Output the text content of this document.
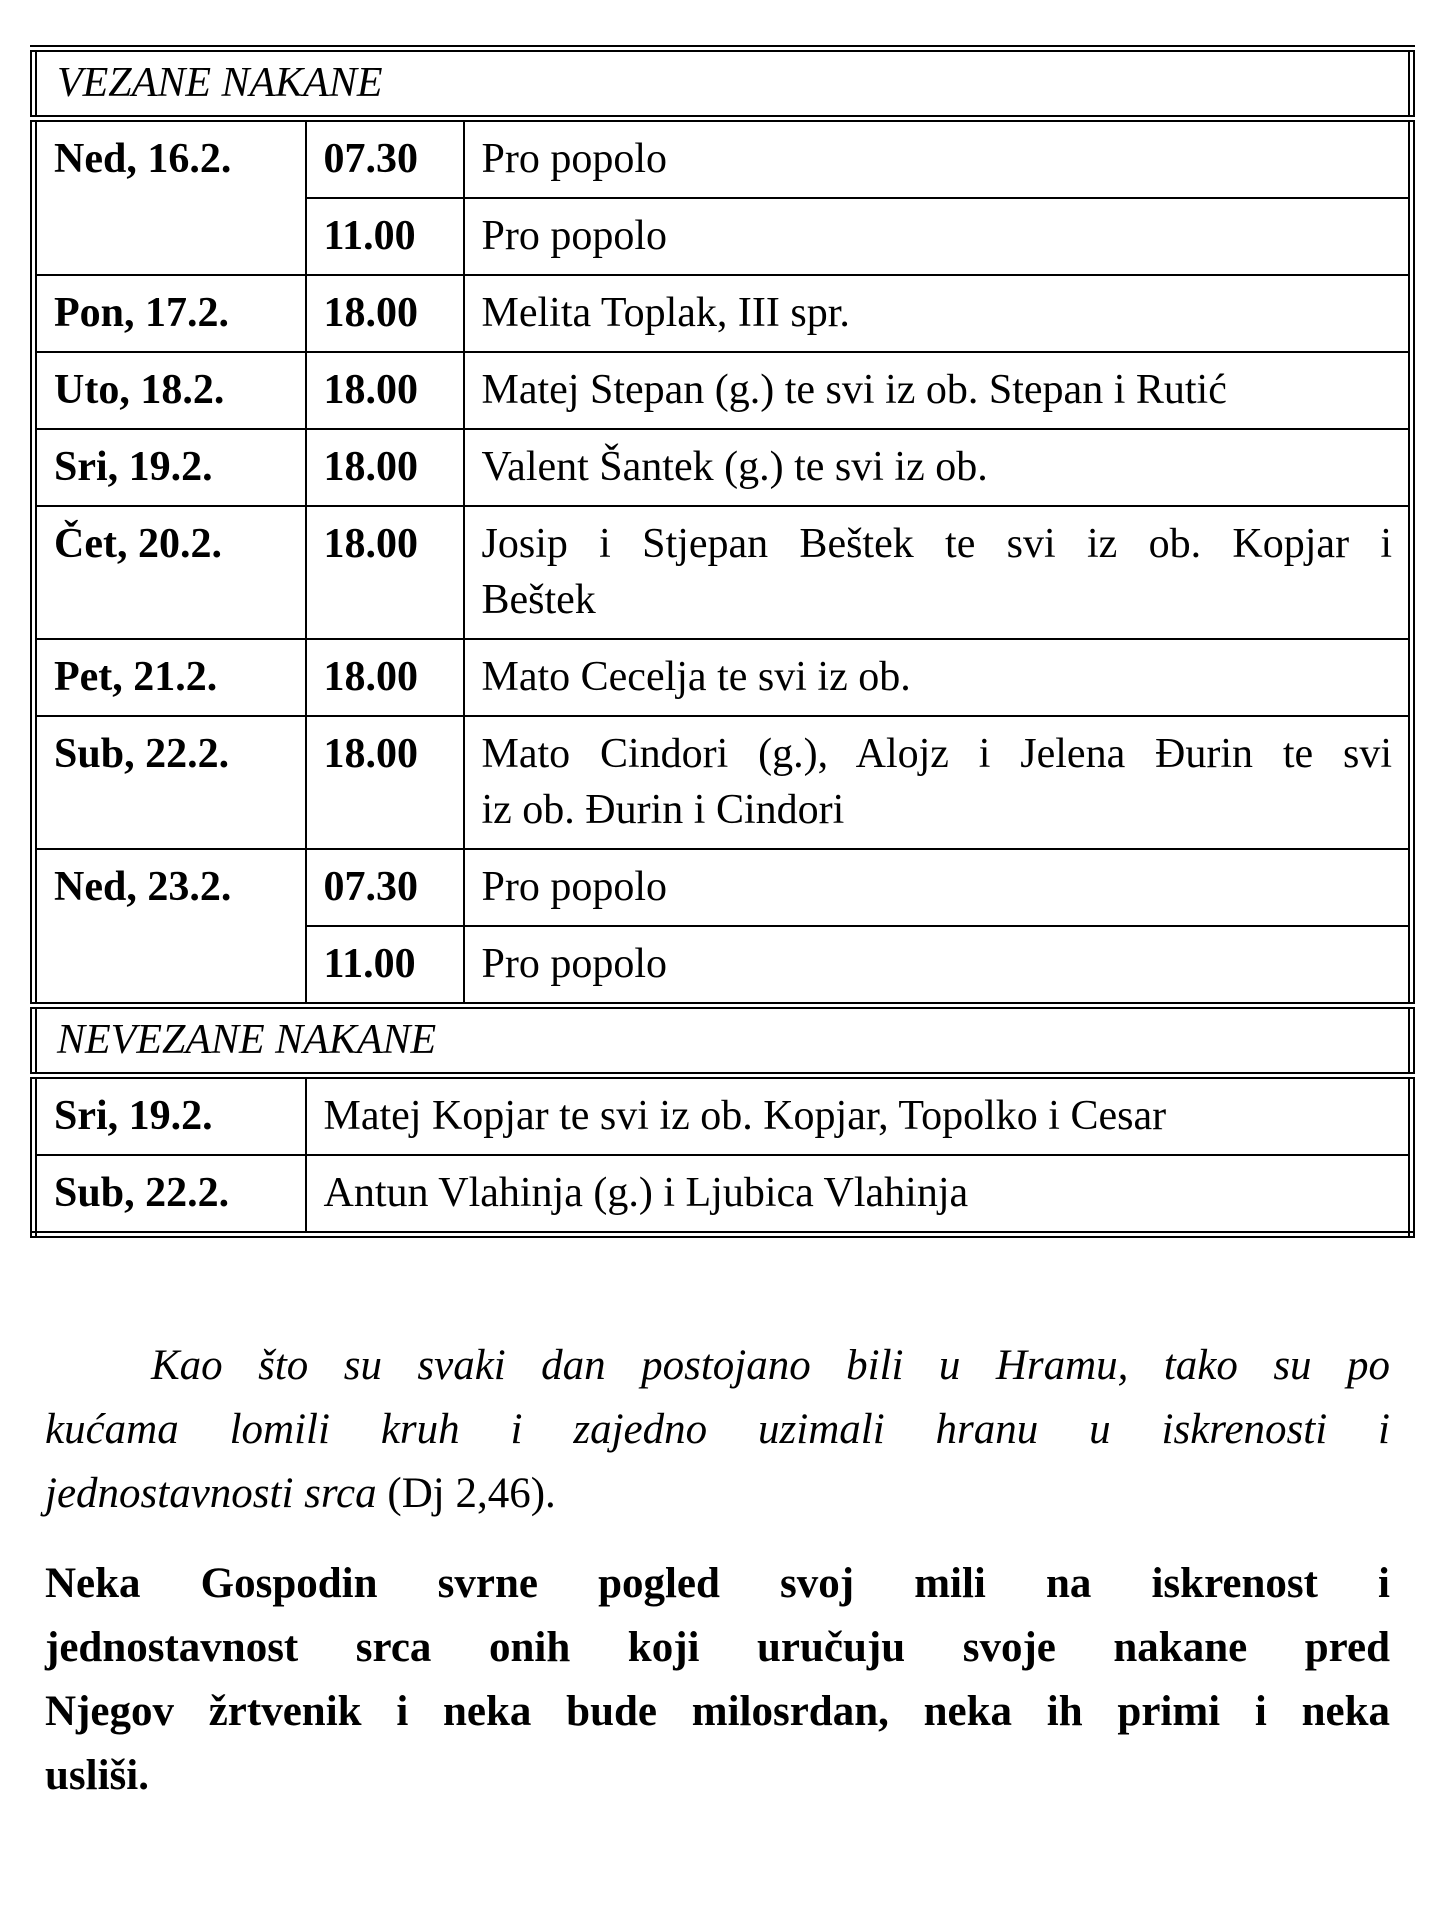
VEZANE NAKANE		
Ned, 16.2.	07.30	Pro popolo
	11.00	Pro popolo
Pon, 17.2.	18.00	Melita Toplak, III spr.
Uto, 18.2.	18.00	Matej Stepan (g.) te svi iz ob. Stepan i Rutić
Sri, 19.2.	18.00	Valent Šantek (g.) te svi iz ob.
Čet, 20.2.	18.00	Josip i Stjepan Beštek te svi iz ob. Kopjar i
Beštek

Pet, 21.2.	18.00	Mato Cecelja te svi iz ob.
Sub, 22.2.	18.00	Mato Cindori (g.), Alojz i Jelena Đurin te svi
iz ob. Đurin i Cindori

Ned, 23.2.	07.30	Pro popolo
	11.00	Pro popolo
NEVEZANE NAKANE		
Sri, 19.2.	Matej Kopjar te svi iz ob. Kopjar, Topolko i Cesar	
Sub, 22.2.	Antun Vlahinja (g.) i Ljubica Vlahinja	
Kao što su svaki dan postojano bili u Hramu, tako su po
kućama lomili kruh i zajedno uzimali hranu u iskrenosti i
jednostavnosti srca (Dj 2,46).
Neka Gospodin svrne pogled svoj mili na iskrenost i
jednostavnost srca onih koji uručuju svoje nakane pred
Njegov žrtvenik i neka bude milosrdan, neka ih primi i neka
usliši.
